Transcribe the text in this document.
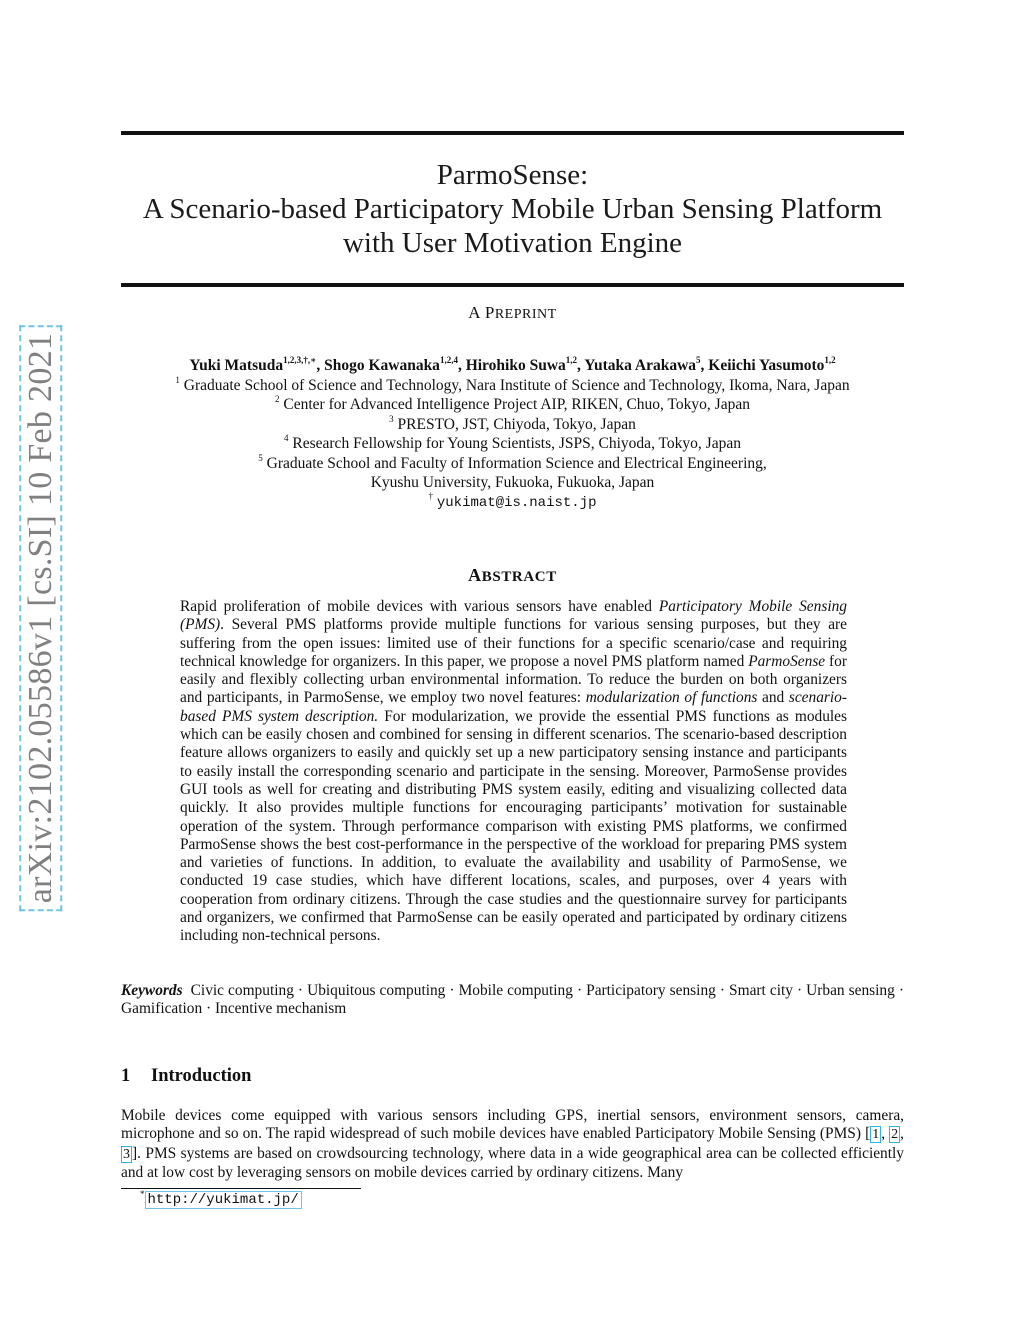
arXiv:2102.05586v1 [cs.SI] 10 Feb 2021
ParmoSense:
A Scenario-based Participatory Mobile Urban Sensing Platform
with User Motivation Engine
A PREPRINT
Yuki Matsuda$^{1,2,3,\dagger,∗}$, Shogo Kawanaka$^{1,2,4}$, Hirohiko Suwa$^{1,2}$, Yutaka Arakawa$^5$, Keiichi Yasumoto$^{1,2}$
$^1$ Graduate School of Science and Technology, Nara Institute of Science and Technology, Ikoma, Nara, Japan
$^2$ Center for Advanced Intelligence Project AIP, RIKEN, Chuo, Tokyo, Japan
$^3$ PRESTO, JST, Chiyoda, Tokyo, Japan
$^4$ Research Fellowship for Young Scientists, JSPS, Chiyoda, Tokyo, Japan
$^5$ Graduate School and Faculty of Information Science and Electrical Engineering,
Kyushu University, Fukuoka, Fukuoka, Japan
† yukimat@is.naist.jp
ABSTRACT
Rapid proliferation of mobile devices with various sensors have enabled Participatory Mobile Sensing (PMS). Several PMS platforms provide multiple functions for various sensing purposes, but they are suffering from the open issues: limited use of their functions for a specific scenario/case and requiring technical knowledge for organizers. In this paper, we propose a novel PMS platform named ParmoSense for easily and flexibly collecting urban environmental information. To reduce the burden on both organizers and participants, in ParmoSense, we employ two novel features: modularization of functions and scenario-based PMS system description. For modularization, we provide the essential PMS functions as modules which can be easily chosen and combined for sensing in different scenarios. The scenario-based description feature allows organizers to easily and quickly set up a new participatory sensing instance and participants to easily install the corresponding scenario and participate in the sensing. Moreover, ParmoSense provides GUI tools as well for creating and distributing PMS system easily, editing and visualizing collected data quickly. It also provides multiple functions for encouraging participants’ motivation for sustainable operation of the system. Through performance comparison with existing PMS platforms, we confirmed ParmoSense shows the best cost-performance in the perspective of the workload for preparing PMS system and varieties of functions. In addition, to evaluate the availability and usability of ParmoSense, we conducted 19 case studies, which have different locations, scales, and purposes, over 4 years with cooperation from ordinary citizens. Through the case studies and the questionnaire survey for participants and organizers, we confirmed that ParmoSense can be easily operated and participated by ordinary citizens including non-technical persons.
Keywords Civic computing · Ubiquitous computing · Mobile computing · Participatory sensing · Smart city · Urban sensing · Gamification · Incentive mechanism
1 Introduction
Mobile devices come equipped with various sensors including GPS, inertial sensors, environment sensors, camera, microphone and so on. The rapid widespread of such mobile devices have enabled Participatory Mobile Sensing (PMS) [ 1 , 2 , 3 ]. PMS systems are based on crowdsourcing technology, where data in a wide geographical area can be collected efficiently and at low cost by leveraging sensors on mobile devices carried by ordinary citizens. Many
* http://yukimat.jp/
